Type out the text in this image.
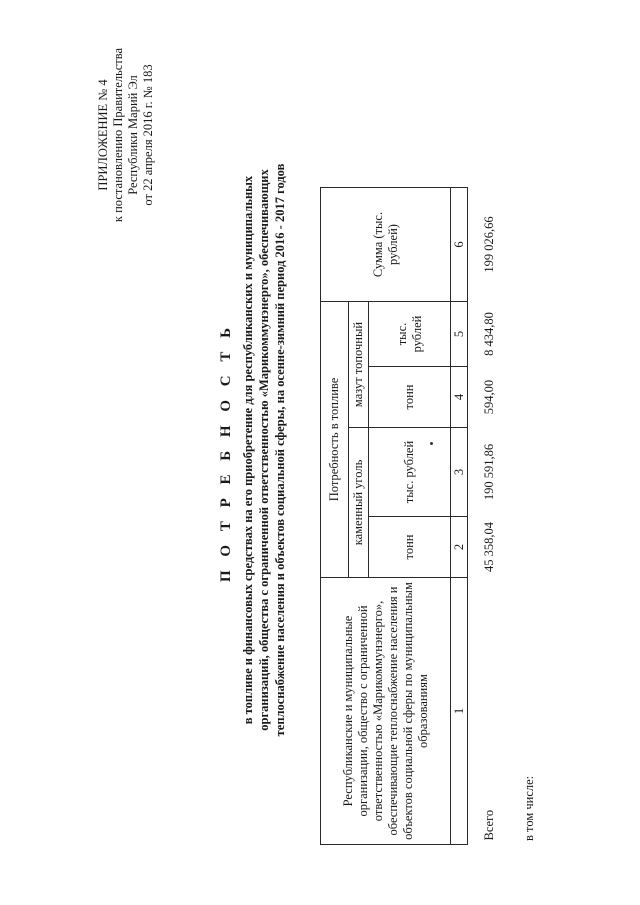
ПРИЛОЖЕНИЕ № 4 к постановлению Правительства Республики Марий Эл от 22 апреля 2016 г. № 183
П О Т Р Е Б Н О С Т Ь в топливе и финансовых средствах на его приобретение для республиканских и муниципальных организаций, общества с ограниченной ответственностью «Марикоммунэнерго», обеспечивающих теплоснабжение населения и объектов социальной сферы, на осенне-зимний период 2016 - 2017 годов	Республиканские и муниципальные организации, общество с ограниченной ответственностью «Марикоммунэнерго», обеспечивающие теплоснабжение населения и объектов социальной сферы по муниципальным образованиям	Потребность в топливе				Сумма (тыс. рублей)
	каменный уголь		мазут топочный		
	тонн	тыс. рублей	тонн	тыс. рублей	
1	2	3	4	5	6
Всего	45 358,04	190 591,86	594,00	8 434,80	199 026,66
в том числе:
